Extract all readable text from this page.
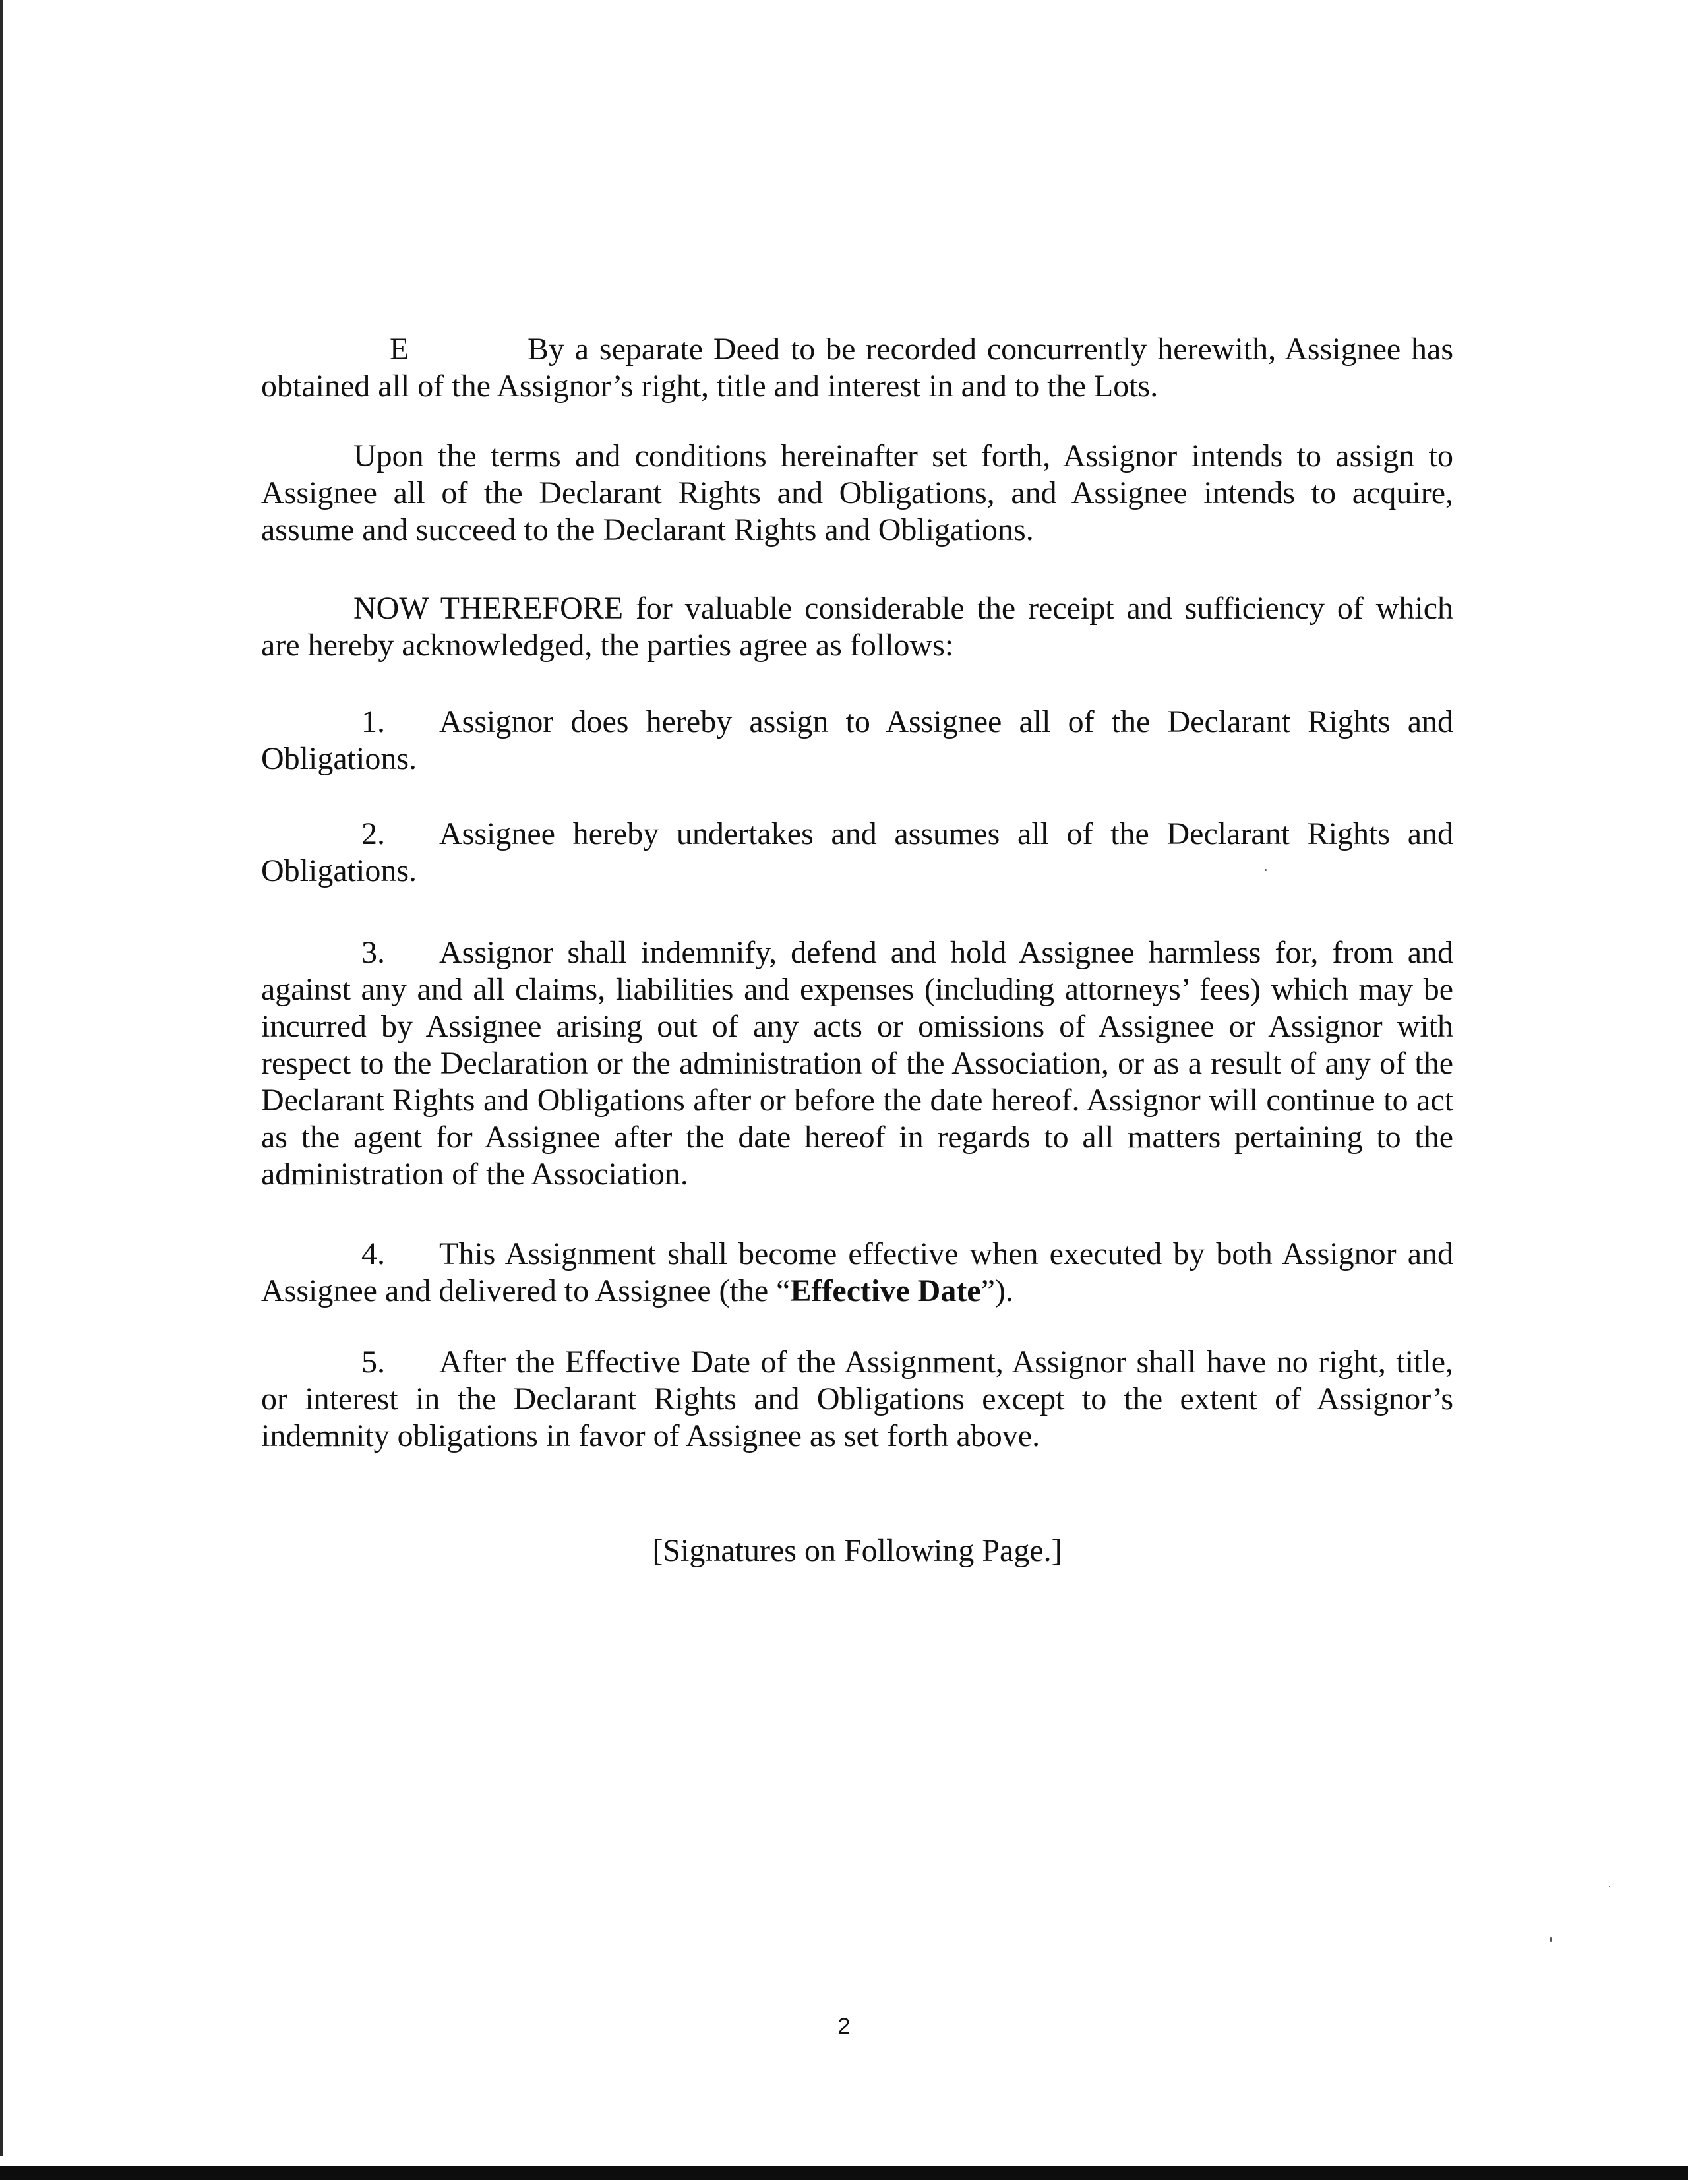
E	By a separate Deed to be recorded concurrently herewith, Assignee has obtained all of the Assignor’s right, title and interest in and to the Lots.

Upon the terms and conditions hereinafter set forth, Assignor intends to assign to Assignee all of the Declarant Rights and Obligations, and Assignee intends to acquire, assume and succeed to the Declarant Rights and Obligations.

NOW THEREFORE for valuable considerable the receipt and sufficiency of which are hereby acknowledged, the parties agree as follows:

1. Assignor does hereby assign to Assignee all of the Declarant Rights and Obligations.

2. Assignee hereby undertakes and assumes all of the Declarant Rights and Obligations.

3. Assignor shall indemnify, defend and hold Assignee harmless for, from and against any and all claims, liabilities and expenses (including attorneys’ fees) which may be incurred by Assignee arising out of any acts or omissions of Assignee or Assignor with respect to the Declaration or the administration of the Association, or as a result of any of the Declarant Rights and Obligations after or before the date hereof. Assignor will continue to act as the agent for Assignee after the date hereof in regards to all matters pertaining to the administration of the Association.

4. This Assignment shall become effective when executed by both Assignor and Assignee and delivered to Assignee (the “Effective Date”).

5. After the Effective Date of the Assignment, Assignor shall have no right, title, or interest in the Declarant Rights and Obligations except to the extent of Assignor’s indemnity obligations in favor of Assignee as set forth above.

[Signatures on Following Page.]

2
